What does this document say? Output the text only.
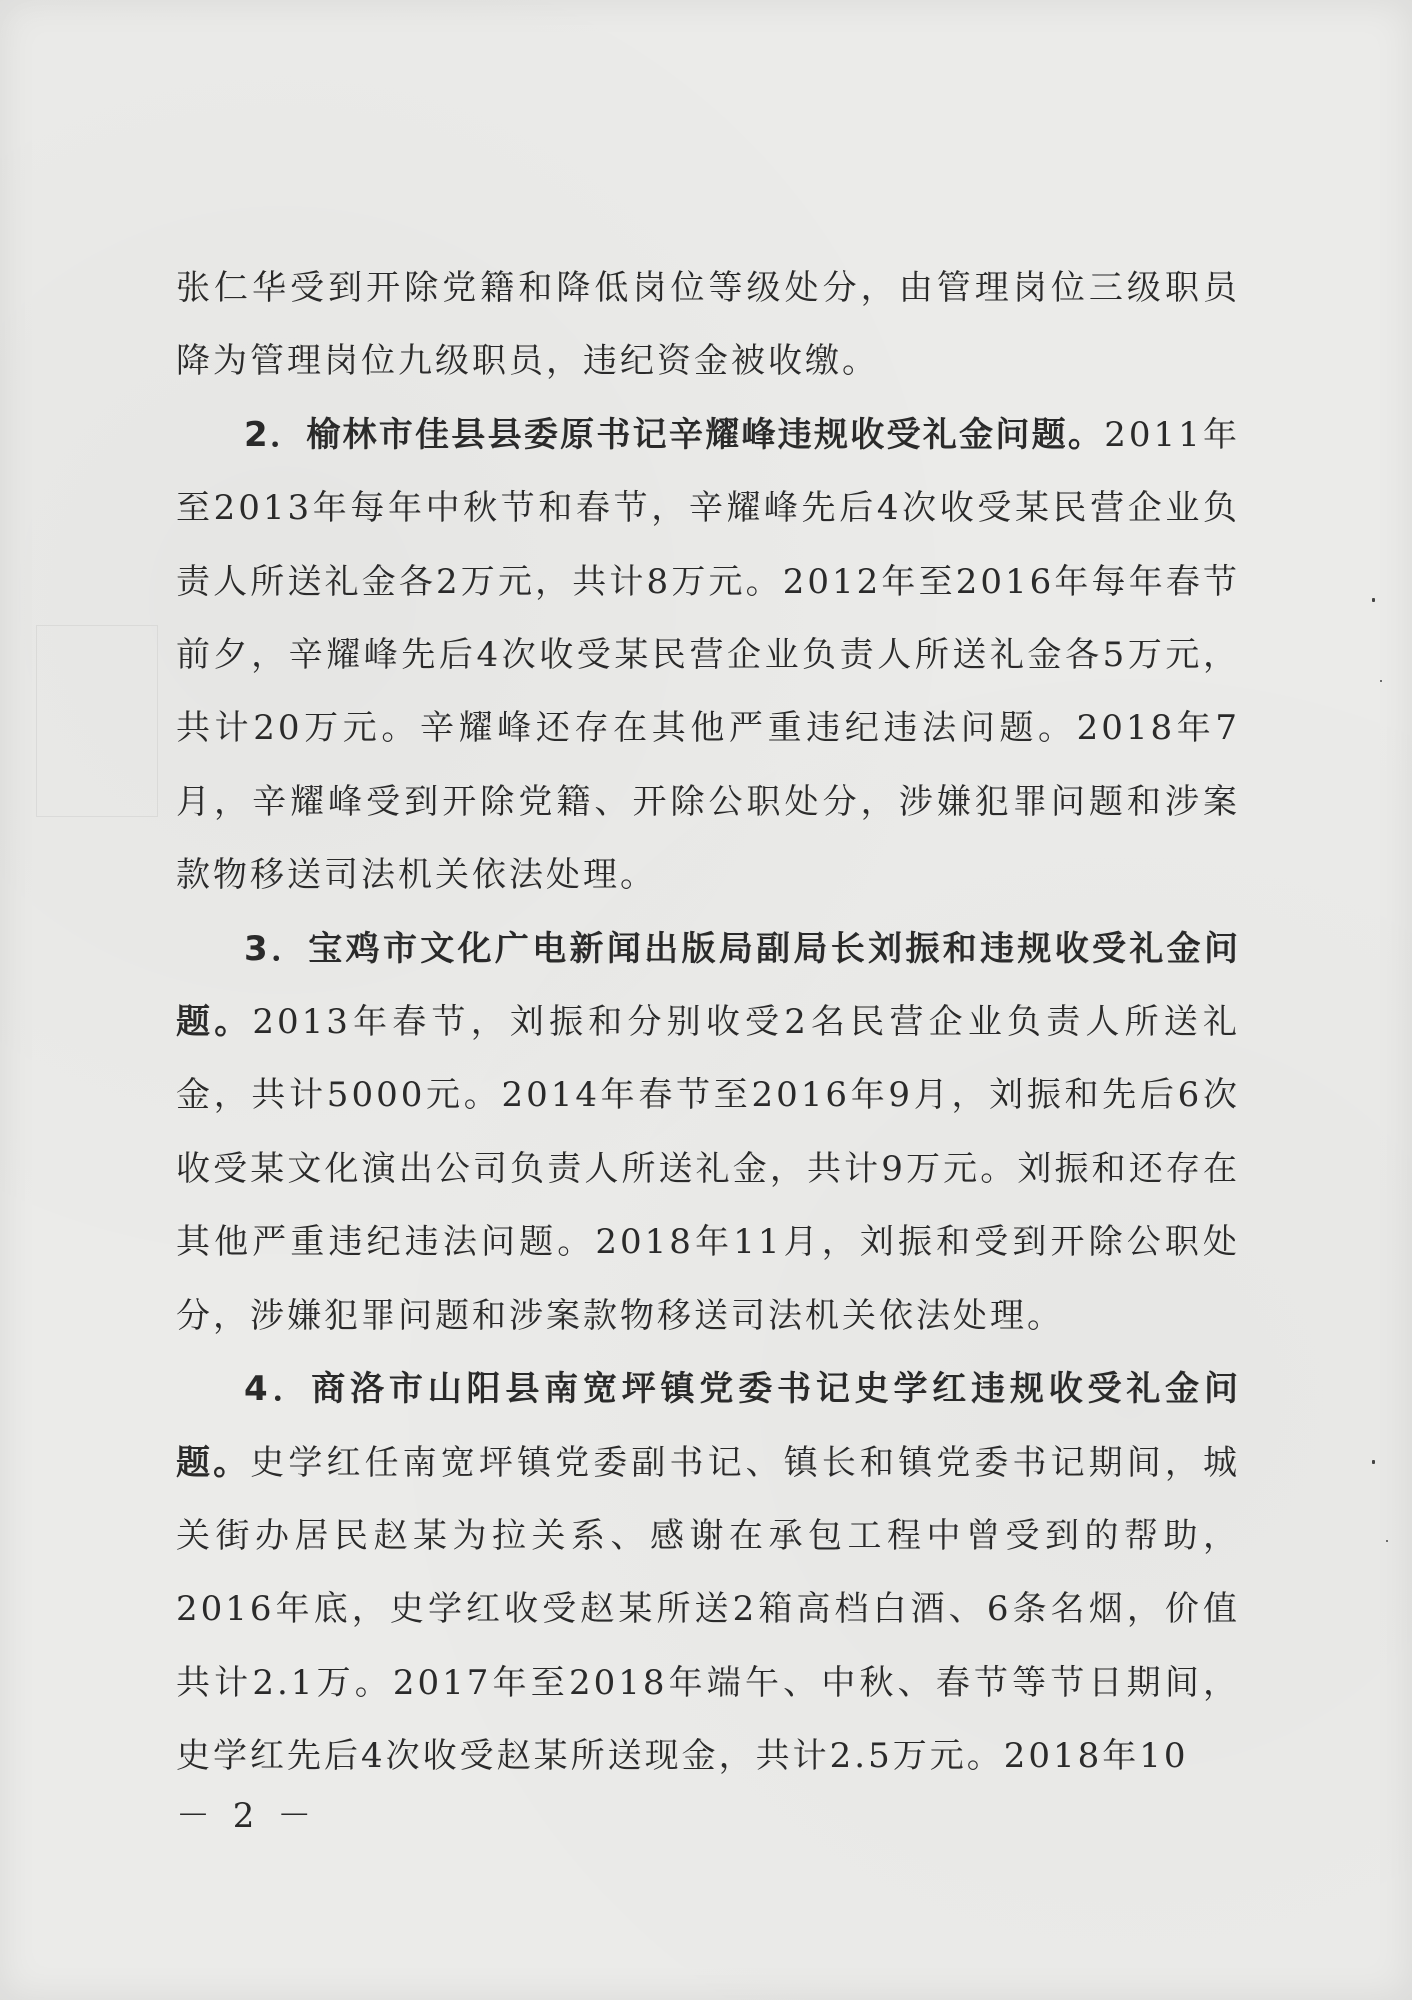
张仁华受到开除党籍和降低岗位等级处分，由管理岗位三级职员降为管理岗位九级职员，违纪资金被收缴。

2．榆林市佳县县委原书记辛耀峰违规收受礼金问题。2011年至2013年每年中秋节和春节，辛耀峰先后4次收受某民营企业负责人所送礼金各2万元，共计8万元。2012年至2016年每年春节前夕，辛耀峰先后4次收受某民营企业负责人所送礼金各5万元，共计20万元。辛耀峰还存在其他严重违纪违法问题。2018年7月，辛耀峰受到开除党籍、开除公职处分，涉嫌犯罪问题和涉案款物移送司法机关依法处理。

3．宝鸡市文化广电新闻出版局副局长刘振和违规收受礼金问题。2013年春节，刘振和分别收受2名民营企业负责人所送礼金，共计5000元。2014年春节至2016年9月，刘振和先后6次收受某文化演出公司负责人所送礼金，共计9万元。刘振和还存在其他严重违纪违法问题。2018年11月，刘振和受到开除公职处分，涉嫌犯罪问题和涉案款物移送司法机关依法处理。

4．商洛市山阳县南宽坪镇党委书记史学红违规收受礼金问题。史学红任南宽坪镇党委副书记、镇长和镇党委书记期间，城关街办居民赵某为拉关系、感谢在承包工程中曾受到的帮助，2016年底，史学红收受赵某所送2箱高档白酒、6条名烟，价值共计2.1万。2017年至2018年端午、中秋、春节等节日期间，史学红先后4次收受赵某所送现金，共计2.5万元。2018年10

－ 2 －
